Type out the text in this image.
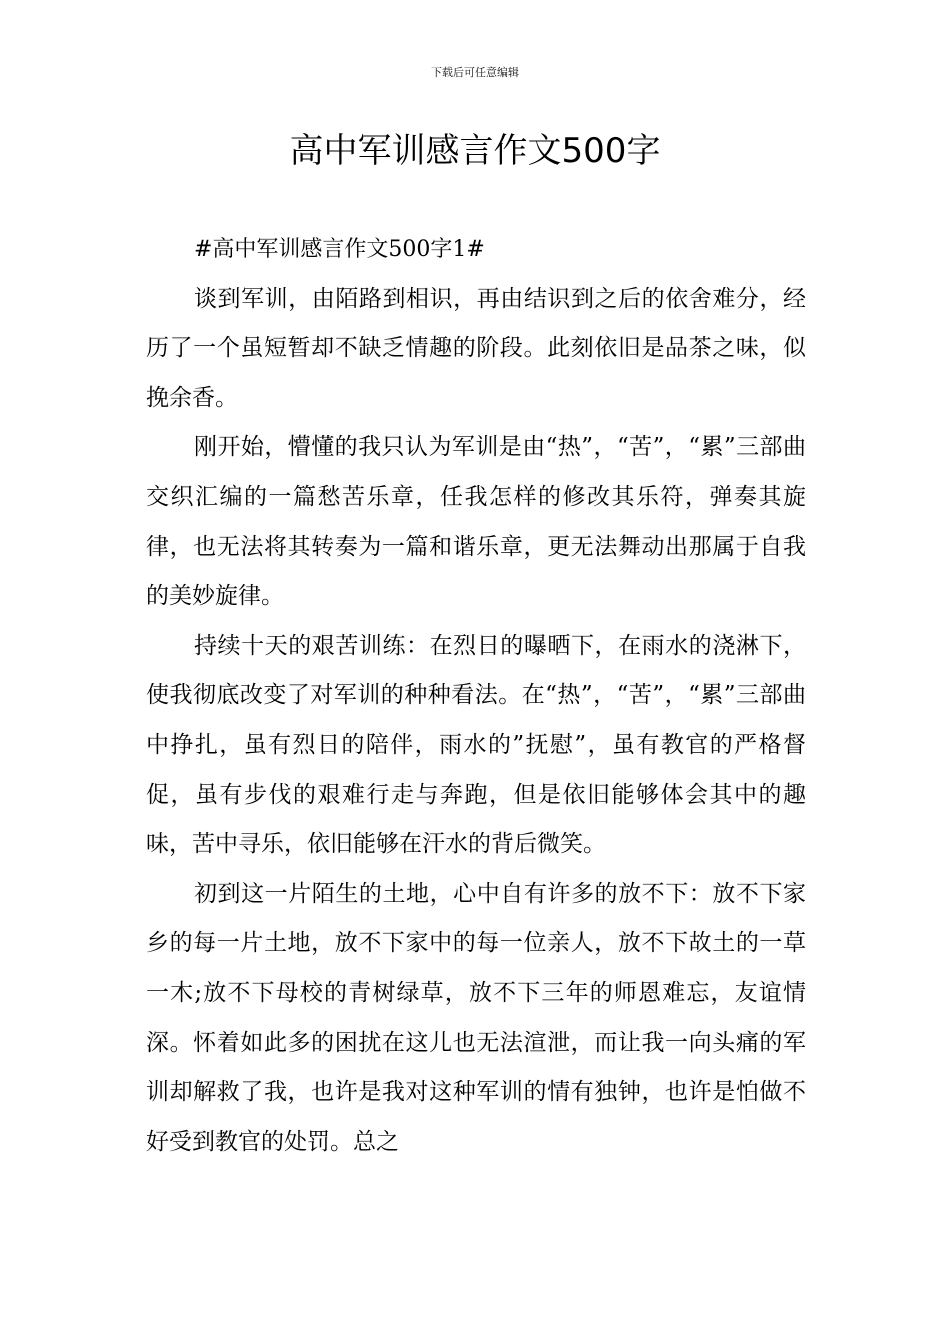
下载后可任意编辑
高中军训感言作文500字

#高中军训感言作文500字1#

谈到军训，由陌路到相识，再由结识到之后的依舍难分，经历了一个虽短暂却不缺乏情趣的阶段。此刻依旧是品茶之味，似挽余香。

刚开始，懵懂的我只认为军训是由“热”，“苦”，“累”三部曲交织汇编的一篇愁苦乐章，任我怎样的修改其乐符，弹奏其旋律，也无法将其转奏为一篇和谐乐章，更无法舞动出那属于自我的美妙旋律。

持续十天的艰苦训练：在烈日的曝晒下，在雨水的浇淋下，使我彻底改变了对军训的种种看法。在“热”，“苦”，“累”三部曲中挣扎，虽有烈日的陪伴，雨水的”抚慰”，虽有教官的严格督促，虽有步伐的艰难行走与奔跑，但是依旧能够体会其中的趣味，苦中寻乐，依旧能够在汗水的背后微笑。

初到这一片陌生的土地，心中自有许多的放不下：放不下家乡的每一片土地，放不下家中的每一位亲人，放不下故土的一草一木;放不下母校的青树绿草，放不下三年的师恩难忘，友谊情深。怀着如此多的困扰在这儿也无法渲泄，而让我一向头痛的军训却解救了我，也许是我对这种军训的情有独钟，也许是怕做不好受到教官的处罚。总之
